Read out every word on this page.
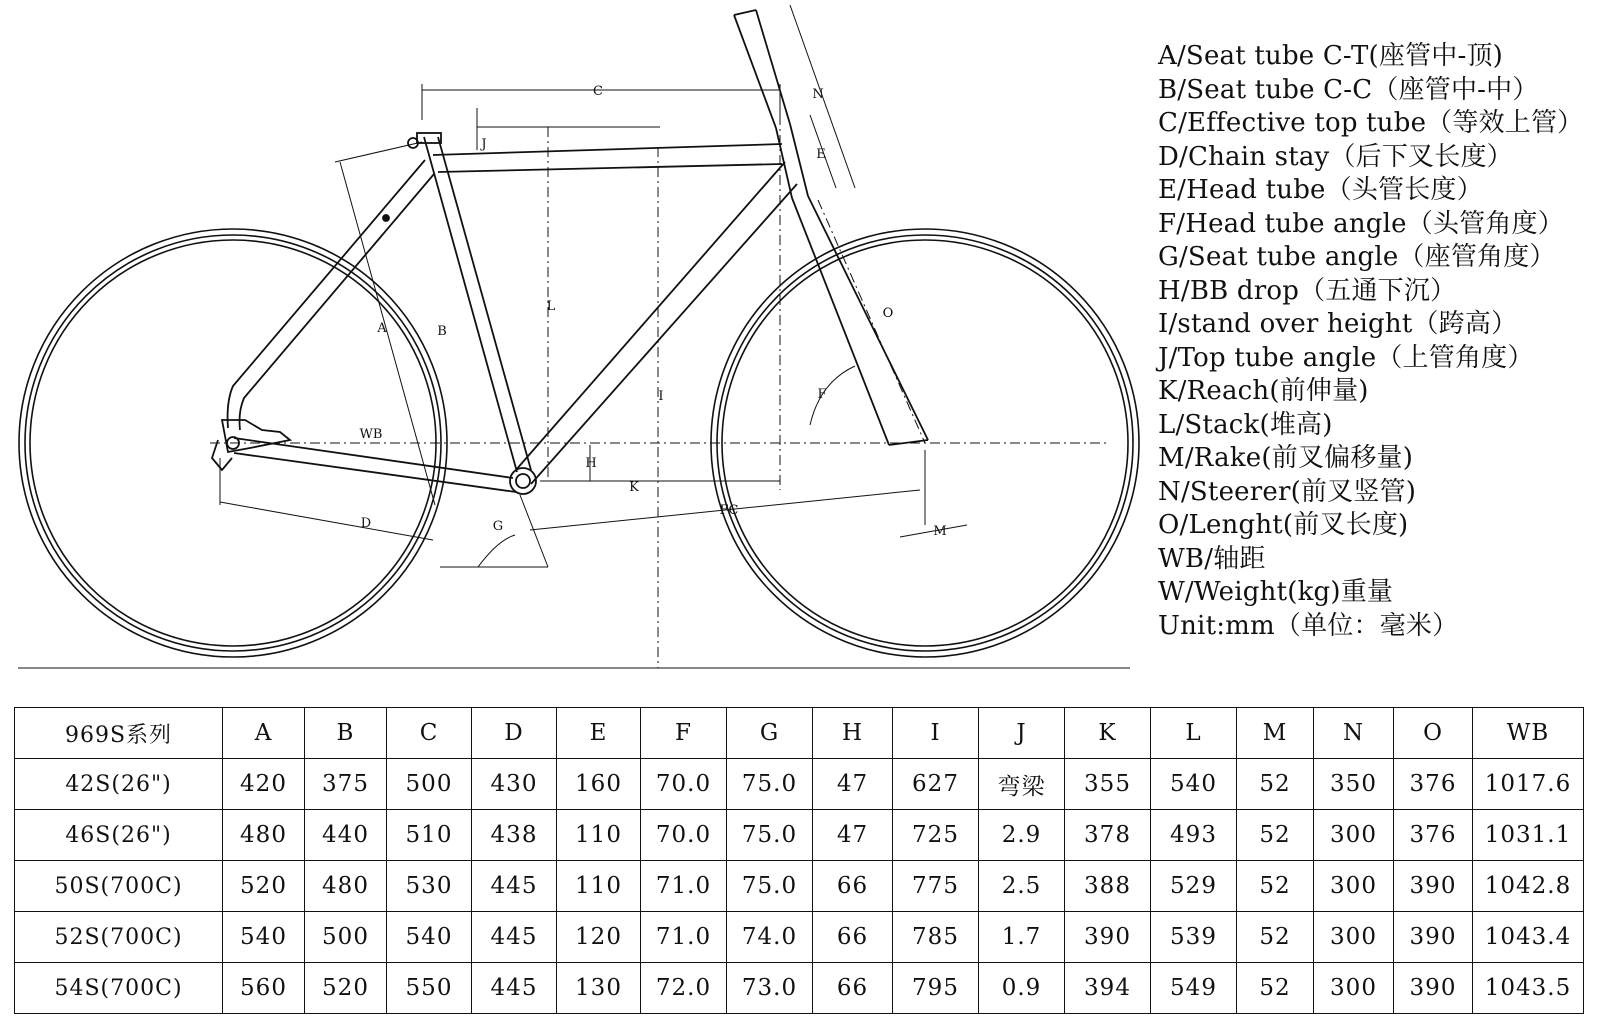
C
J
A	B
L
I
WB
D
H
K
FC
G
N
E
O
F
M
A/Seat tube C-T(座管中-顶)
B/Seat tube C-C（座管中-中）
C/Effective top tube（等效上管）
D/Chain stay（后下叉长度）
E/Head tube（头管长度）
F/Head tube angle（头管角度）
G/Seat tube angle（座管角度）
H/BB drop（五通下沉）
I/stand over height（跨高）
J/Top tube angle（上管角度）
K/Reach(前伸量)
L/Stack(堆高)
M/Rake(前叉偏移量)
N/Steerer(前叉竖管)
O/Lenght(前叉长度)
WB/轴距
W/Weight(kg)重量
Unit:mm（单位：毫米）
969S系列	A	B	C	D	E	F	G	H	I	J	K	L	M	N	O	WB
42S(26")	420	375	500	430	160	70.0	75.0	47	627	弯梁	355	540	52	350	376	1017.6
46S(26")	480	440	510	438	110	70.0	75.0	47	725	2.9	378	493	52	300	376	1031.1
50S(700C)	520	480	530	445	110	71.0	75.0	66	775	2.5	388	529	52	300	390	1042.8
52S(700C)	540	500	540	445	120	71.0	74.0	66	785	1.7	390	539	52	300	390	1043.4
54S(700C)	560	520	550	445	130	72.0	73.0	66	795	0.9	394	549	52	300	390	1043.5
